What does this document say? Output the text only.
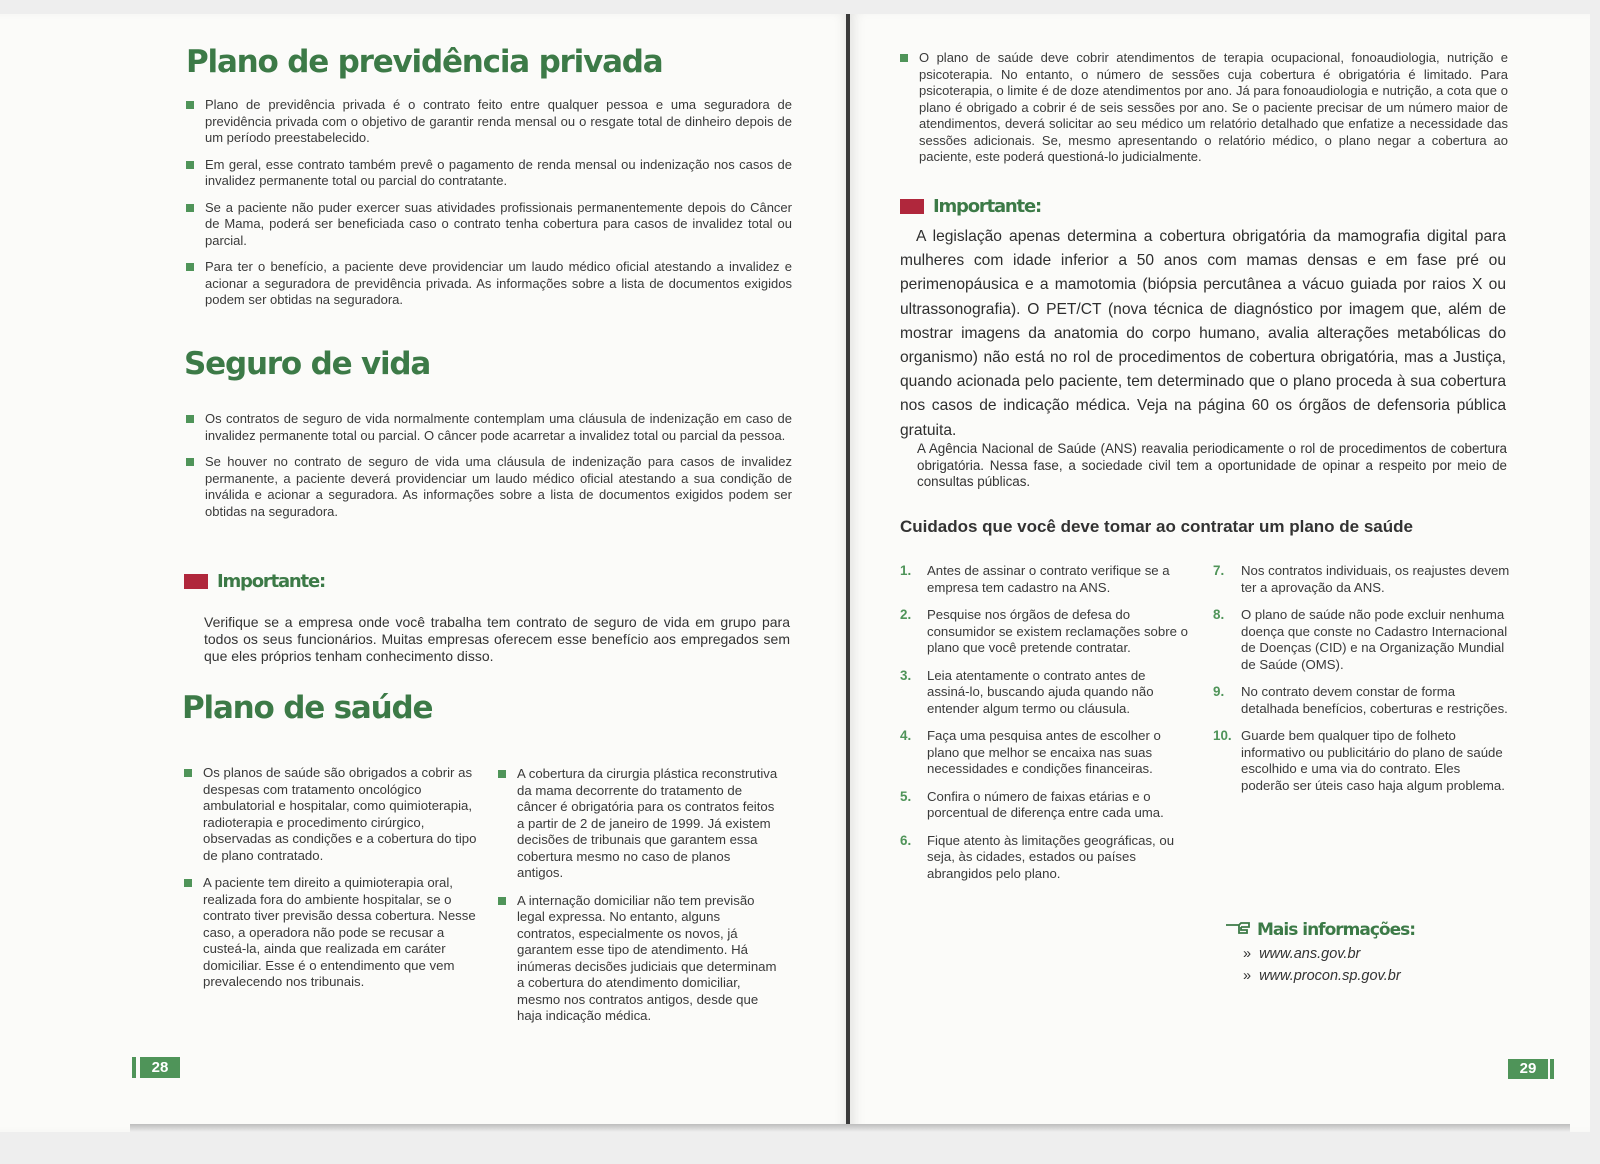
Plano de previdência privada
Plano de previdência privada é o contrato feito entre qualquer pessoa e uma seguradora de previdência privada com o objetivo de garantir renda mensal ou o resgate total de dinheiro depois de um período preestabelecido.
Em geral, esse contrato também prevê o pagamento de renda mensal ou indenização nos casos de invalidez permanente total ou parcial do contratante.
Se a paciente não puder exercer suas atividades profissionais permanentemente depois do Câncer de Mama, poderá ser beneficiada caso o contrato tenha cobertura para casos de invalidez total ou parcial.
Para ter o benefício, a paciente deve providenciar um laudo médico oficial atestando a invalidez e acionar a seguradora de previdência privada. As informações sobre a lista de documentos exigidos podem ser obtidas na seguradora.
Seguro de vida
Os contratos de seguro de vida normalmente contemplam uma cláusula de indenização em caso de invalidez permanente total ou parcial. O câncer pode acarretar a invalidez total ou parcial da pessoa.
Se houver no contrato de seguro de vida uma cláusula de indenização para casos de invalidez permanente, a paciente deverá providenciar um laudo médico oficial atestando a sua condição de inválida e acionar a seguradora. As informações sobre a lista de documentos exigidos podem ser obtidas na seguradora.
Importante:

Verifique se a empresa onde você trabalha tem contrato de seguro de vida em grupo para todos os seus funcionários. Muitas empresas oferecem esse benefício aos empregados sem que eles próprios tenham conhecimento disso.

Plano de saúde
Os planos de saúde são obrigados a cobrir as despesas com tratamento oncológico ambulatorial e hospitalar, como quimioterapia, radioterapia e procedimento cirúrgico, observadas as condições e a cobertura do tipo de plano contratado.
A paciente tem direito a quimioterapia oral, realizada fora do ambiente hospitalar, se o contrato tiver previsão dessa cobertura. Nesse caso, a operadora não pode se recusar a custeá-la, ainda que realizada em caráter domiciliar. Esse é o entendimento que vem prevalecendo nos tribunais.
A cobertura da cirurgia plástica reconstrutiva da mama decorrente do tratamento de câncer é obrigatória para os contratos feitos a partir de 2 de janeiro de 1999. Já existem decisões de tribunais que garantem essa cobertura mesmo no caso de planos antigos.
A internação domiciliar não tem previsão legal expressa. No entanto, alguns contratos, especialmente os novos, já garantem esse tipo de atendimento. Há inúmeras decisões judiciais que determinam a cobertura do atendimento domiciliar, mesmo nos contratos antigos, desde que haja indicação médica.
28
O plano de saúde deve cobrir atendimentos de terapia ocupacional, fonoaudiologia, nutrição e psicoterapia. No entanto, o número de sessões cuja cobertura é obrigatória é limitado. Para psicoterapia, o limite é de doze atendimentos por ano. Já para fonoaudiologia e nutrição, a cota que o plano é obrigado a cobrir é de seis sessões por ano. Se o paciente precisar de um número maior de atendimentos, deverá solicitar ao seu médico um relatório detalhado que enfatize a necessidade das sessões adicionais. Se, mesmo apresentando o relatório médico, o plano negar a cobertura ao paciente, este poderá questioná-lo judicialmente.
Importante:

A legislação apenas determina a cobertura obrigatória da mamografia digital para mulheres com idade inferior a 50 anos com mamas densas e em fase pré ou perimenopáusica e a mamotomia (biópsia percutânea a vácuo guiada por raios X ou ultrassonografia). O PET/CT (nova técnica de diagnóstico por imagem que, além de mostrar imagens da anatomia do corpo humano, avalia alterações metabólicas do organismo) não está no rol de procedimentos de cobertura obrigatória, mas a Justiça, quando acionada pelo paciente, tem determinado que o plano proceda à sua cobertura nos casos de indicação médica. Veja na página 60 os órgãos de defensoria pública gratuita.

A Agência Nacional de Saúde (ANS) reavalia periodicamente o rol de procedimentos de cobertura obrigatória. Nessa fase, a sociedade civil tem a oportunidade de opinar a respeito por meio de consultas públicas.

Cuidados que você deve tomar ao contratar um plano de saúde
1. Antes de assinar o contrato verifique se a empresa tem cadastro na ANS.
2. Pesquise nos órgãos de defesa do consumidor se existem reclamações sobre o plano que você pretende contratar.
3. Leia atentamente o contrato antes de assiná-lo, buscando ajuda quando não entender algum termo ou cláusula.
4. Faça uma pesquisa antes de escolher o plano que melhor se encaixa nas suas necessidades e condições financeiras.
5. Confira o número de faixas etárias e o porcentual de diferença entre cada uma.
6. Fique atento às limitações geográficas, ou seja, às cidades, estados ou países abrangidos pelo plano.
7. Nos contratos individuais, os reajustes devem ter a aprovação da ANS.
8. O plano de saúde não pode excluir nenhuma doença que conste no Cadastro Internacional de Doenças (CID) e na Organização Mundial de Saúde (OMS).
9. No contrato devem constar de forma detalhada benefícios, coberturas e restrições.
10. Guarde bem qualquer tipo de folheto informativo ou publicitário do plano de saúde escolhido e uma via do contrato. Eles poderão ser úteis caso haja algum problema.
Mais informações:
» www.ans.gov.br
» www.procon.sp.gov.br
29
